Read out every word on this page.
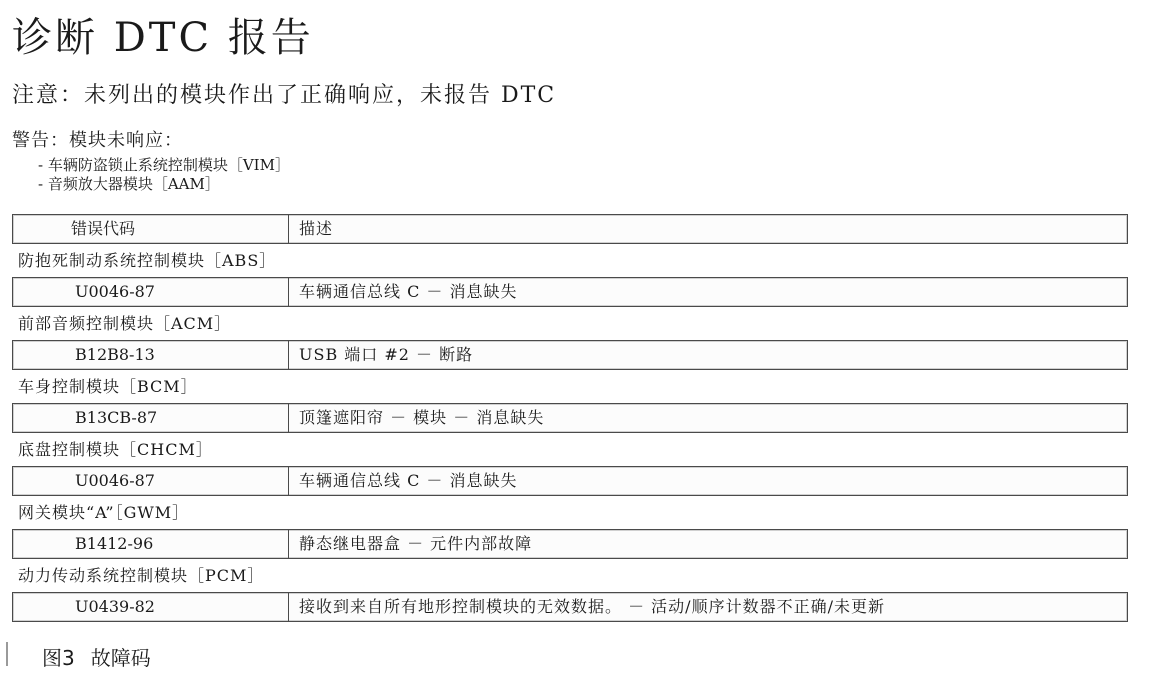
诊断 DTC 报告
注意：未列出的模块作出了正确响应，未报告 DTC
警告：模块未响应：
- 车辆防盗锁止系统控制模块［VIM］
- 音频放大器模块［AAM］
错误代码	描述
防抱死制动系统控制模块［ABS］
U0046-87	车辆通信总线 C － 消息缺失
前部音频控制模块［ACM］
B12B8-13	USB 端口 #2 － 断路
车身控制模块［BCM］
B13CB-87	顶篷遮阳帘 － 模块 － 消息缺失
底盘控制模块［CHCM］
U0046-87	车辆通信总线 C － 消息缺失
网关模块“A”［GWM］
B1412-96	静态继电器盒 － 元件内部故障
动力传动系统控制模块［PCM］
U0439-82	接收到来自所有地形控制模块的无效数据。 － 活动/顺序计数器不正确/未更新
图3 故障码
